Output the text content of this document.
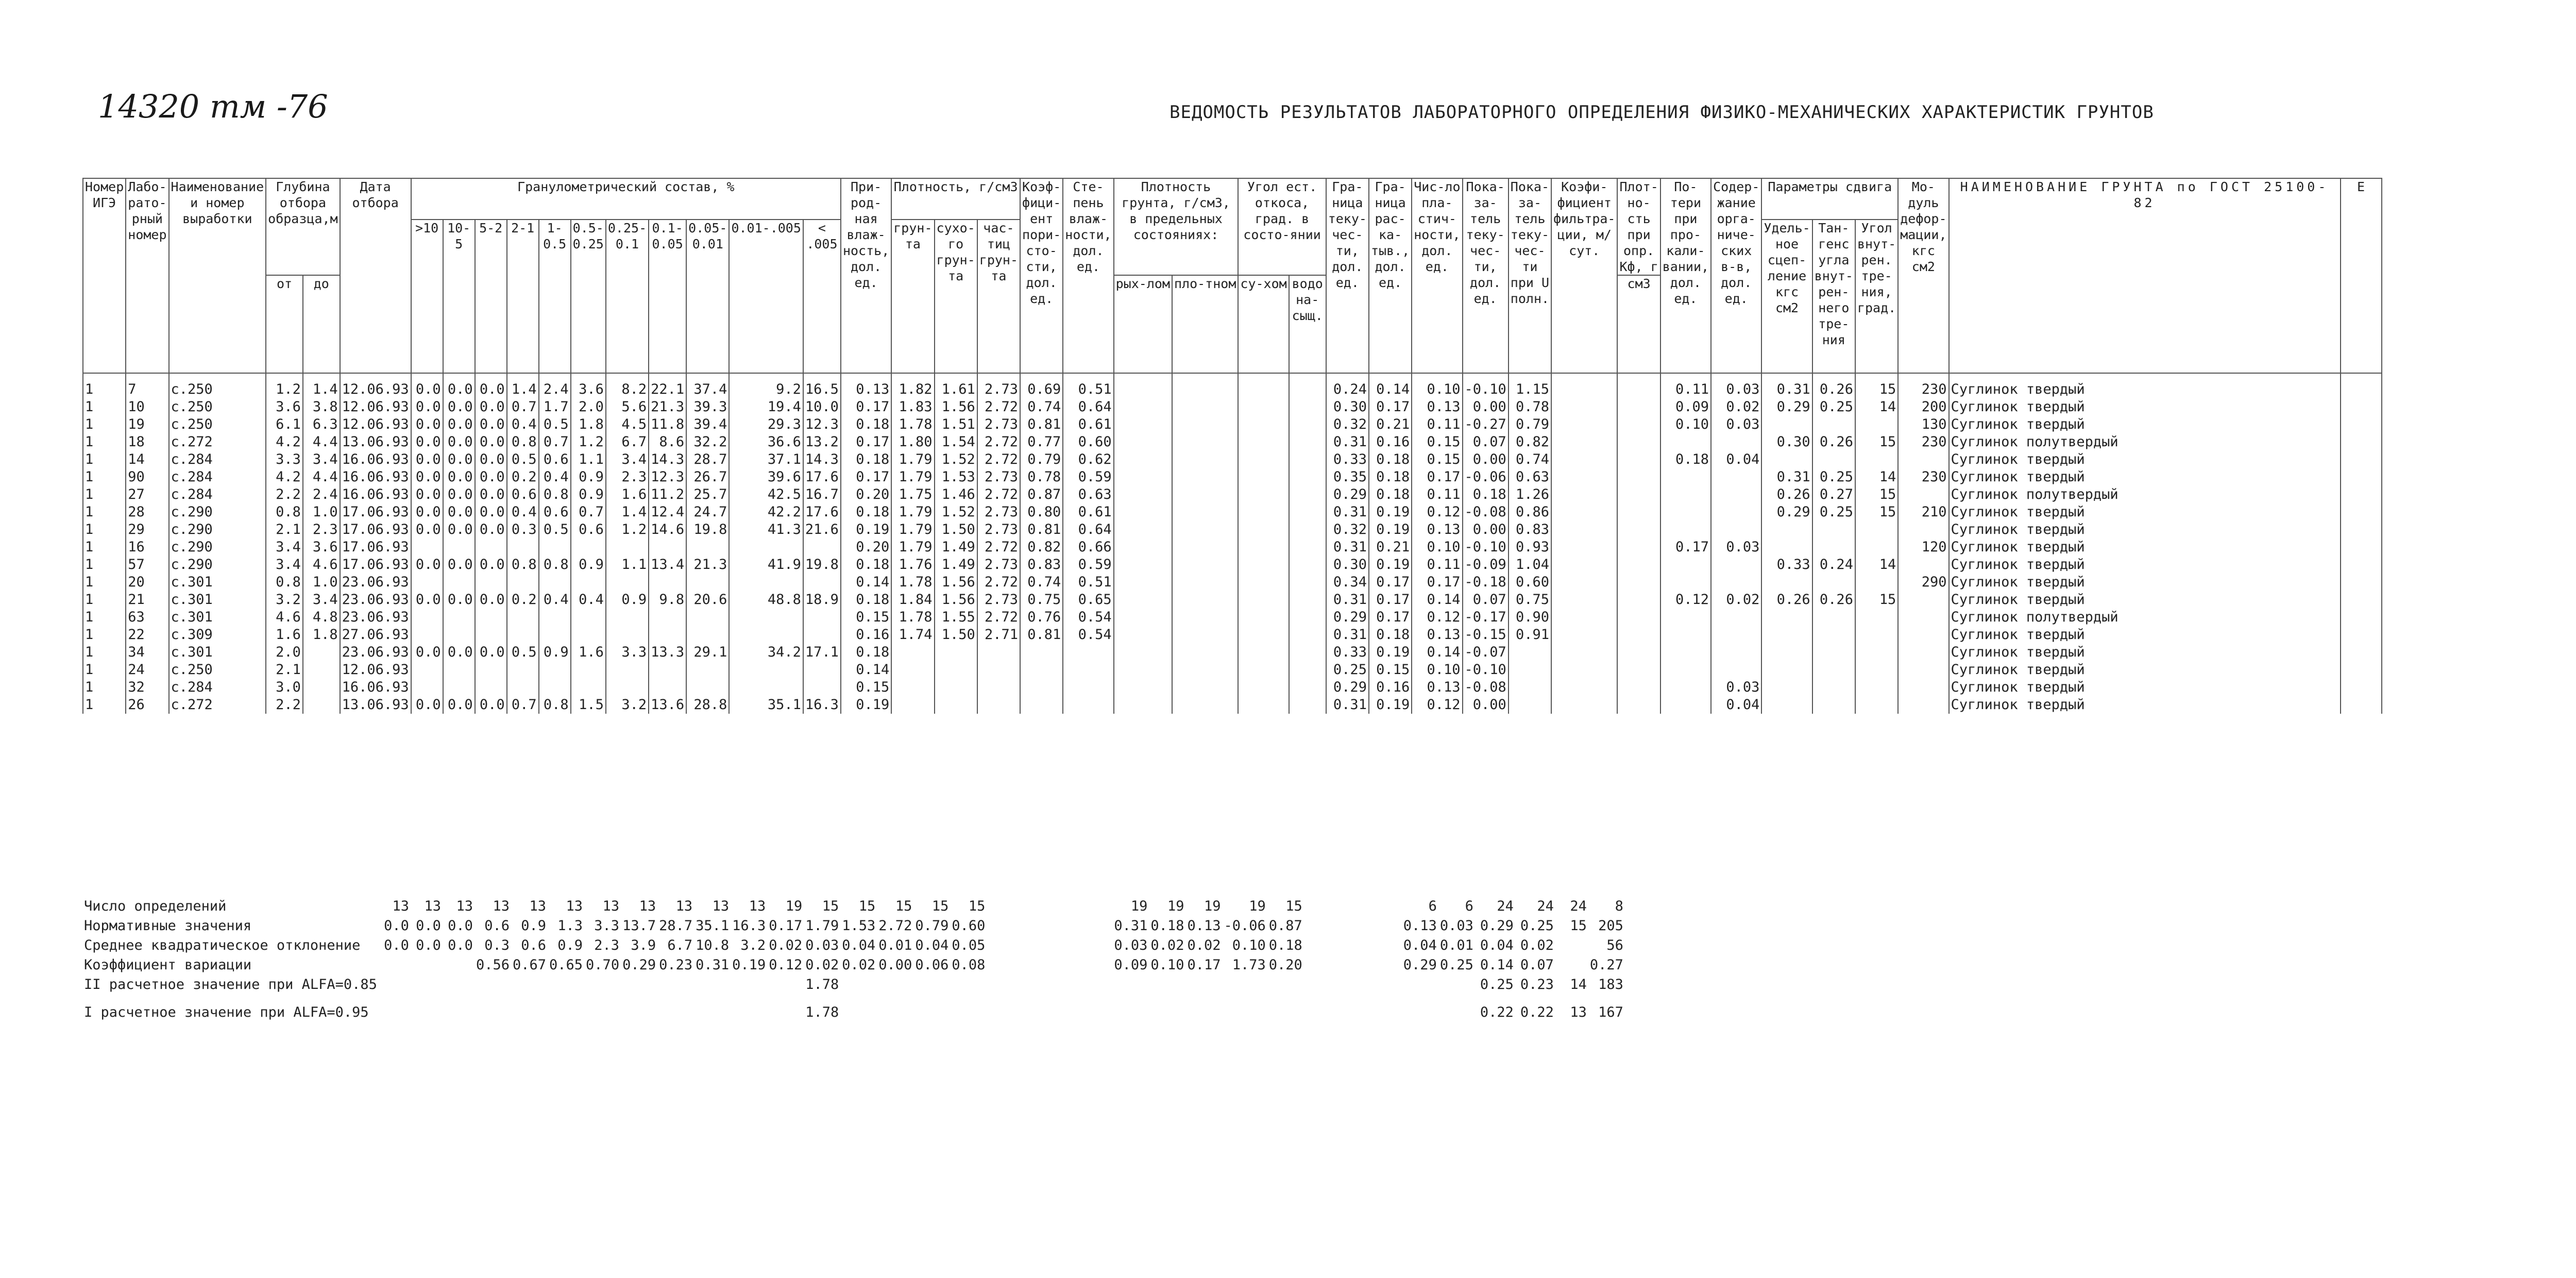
14320 тм -76	ВЕДОМОСТЬ РЕЗУЛЬТАТОВ ЛАБОРАТОРНОГО ОПРЕДЕЛЕНИЯ ФИЗИКО-МЕХАНИЧЕСКИХ ХАРАКТЕРИСТИК ГРУНТОВ
Номер ИГЭ	Лабо-рато-рный номер	Наименование и номер выработки	Глубина отбора образца,м		Дата отбора	Гранулометрический состав, %											При-род-ная влаж-ность, дол. ед.	Плотность, г/см3			Коэф-фици-ент пори-сто-сти, дол. ед.	Сте-пень влаж-ности, дол. ед.	Плотность грунта, г/см3, в предельных состояниях:		Угол ест. откоса, град. в состо-янии		Гра-ница теку-чес-ти, дол. ед.	Гра-ница рас-ка-тыв., дол. ед.	Чис-ло пла-стич-ности, дол. ед.	Пока-за-тель теку-чес-ти, дол. ед.	Пока-за-тель теку-чес-ти при U полн.	Коэфи-фициент фильтра-ции, м/сут.	Плот-но-сть при опр. Кф, г	По-тери при про-кали-вании, дол. ед.	Содер-жание орга-ниче-ских в-в, дол. ед.	Параметры сдвига			Мо-дуль дефор-мации, кгс см2	НАИМЕНОВАНИЕ ГРУНТА по ГОСТ 25100-82	Е
						>10	10-5	5-2	2-1	1-0.5	0.5-0.25	0.25-0.1	0.1-0.05	0.05-0.01	0.01-.005	< .005		грун-та	сухо-го грун-та	час-тиц грун-та																Удель-ное сцеп-ление кгс см2	Тан-генс угла внут-рен-него тре-ния	Угол внут-рен. тре-ния, град.			
			от	до																			рых-лом	пло-тном	су-хом	водо на-сыщ.							см3								
1	7	с.250	1.2	1.4	12.06.93	0.0	0.0	0.0	1.4	2.4	3.6	8.2	22.1	37.4	9.2	16.5	0.13	1.82	1.61	2.73	0.69	0.51					0.24	0.14	0.10	-0.10	1.15			0.11	0.03	0.31	0.26	15	230	Суглинок твердый	
1	10	с.250	3.6	3.8	12.06.93	0.0	0.0	0.0	0.7	1.7	2.0	5.6	21.3	39.3	19.4	10.0	0.17	1.83	1.56	2.72	0.74	0.64					0.30	0.17	0.13	0.00	0.78			0.09	0.02	0.29	0.25	14	200	Суглинок твердый	
1	19	с.250	6.1	6.3	12.06.93	0.0	0.0	0.0	0.4	0.5	1.8	4.5	11.8	39.4	29.3	12.3	0.18	1.78	1.51	2.73	0.81	0.61					0.32	0.21	0.11	-0.27	0.79			0.10	0.03				130	Суглинок твердый	
1	18	с.272	4.2	4.4	13.06.93	0.0	0.0	0.0	0.8	0.7	1.2	6.7	8.6	32.2	36.6	13.2	0.17	1.80	1.54	2.72	0.77	0.60					0.31	0.16	0.15	0.07	0.82					0.30	0.26	15	230	Суглинок полутвердый	
1	14	с.284	3.3	3.4	16.06.93	0.0	0.0	0.0	0.5	0.6	1.1	3.4	14.3	28.7	37.1	14.3	0.18	1.79	1.52	2.72	0.79	0.62					0.33	0.18	0.15	0.00	0.74			0.18	0.04					Суглинок твердый	
1	90	с.284	4.2	4.4	16.06.93	0.0	0.0	0.0	0.2	0.4	0.9	2.3	12.3	26.7	39.6	17.6	0.17	1.79	1.53	2.73	0.78	0.59					0.35	0.18	0.17	-0.06	0.63					0.31	0.25	14	230	Суглинок твердый	
1	27	с.284	2.2	2.4	16.06.93	0.0	0.0	0.0	0.6	0.8	0.9	1.6	11.2	25.7	42.5	16.7	0.20	1.75	1.46	2.72	0.87	0.63					0.29	0.18	0.11	0.18	1.26					0.26	0.27	15		Суглинок полутвердый	
1	28	с.290	0.8	1.0	17.06.93	0.0	0.0	0.0	0.4	0.6	0.7	1.4	12.4	24.7	42.2	17.6	0.18	1.79	1.52	2.73	0.80	0.61					0.31	0.19	0.12	-0.08	0.86					0.29	0.25	15	210	Суглинок твердый	
1	29	с.290	2.1	2.3	17.06.93	0.0	0.0	0.0	0.3	0.5	0.6	1.2	14.6	19.8	41.3	21.6	0.19	1.79	1.50	2.73	0.81	0.64					0.32	0.19	0.13	0.00	0.83									Суглинок твердый	
1	16	с.290	3.4	3.6	17.06.93												0.20	1.79	1.49	2.72	0.82	0.66					0.31	0.21	0.10	-0.10	0.93			0.17	0.03				120	Суглинок твердый	
1	57	с.290	3.4	4.6	17.06.93	0.0	0.0	0.0	0.8	0.8	0.9	1.1	13.4	21.3	41.9	19.8	0.18	1.76	1.49	2.73	0.83	0.59					0.30	0.19	0.11	-0.09	1.04					0.33	0.24	14		Суглинок твердый	
1	20	с.301	0.8	1.0	23.06.93												0.14	1.78	1.56	2.72	0.74	0.51					0.34	0.17	0.17	-0.18	0.60								290	Суглинок твердый	
1	21	с.301	3.2	3.4	23.06.93	0.0	0.0	0.0	0.2	0.4	0.4	0.9	9.8	20.6	48.8	18.9	0.18	1.84	1.56	2.73	0.75	0.65					0.31	0.17	0.14	0.07	0.75			0.12	0.02	0.26	0.26	15		Суглинок твердый	
1	63	с.301	4.6	4.8	23.06.93												0.15	1.78	1.55	2.72	0.76	0.54					0.29	0.17	0.12	-0.17	0.90									Суглинок полутвердый	
1	22	с.309	1.6	1.8	27.06.93												0.16	1.74	1.50	2.71	0.81	0.54					0.31	0.18	0.13	-0.15	0.91									Суглинок твердый	
1	34	с.301	2.0		23.06.93	0.0	0.0	0.0	0.5	0.9	1.6	3.3	13.3	29.1	34.2	17.1	0.18										0.33	0.19	0.14	-0.07										Суглинок твердый	
1	24	с.250	2.1		12.06.93												0.14										0.25	0.15	0.10	-0.10										Суглинок твердый	
1	32	с.284	3.0		16.06.93												0.15										0.29	0.16	0.13	-0.08					0.03					Суглинок твердый	
1	26	с.272	2.2		13.06.93	0.0	0.0	0.0	0.7	0.8	1.5	3.2	13.6	28.8	35.1	16.3	0.19										0.31	0.19	0.12	0.00					0.04					Суглинок твердый	
Число определений	13	13	13	13	13	13	13	13	13	13	13	19	15	15	15	15	15					19	19	19	19	15			6	6	24	24	24	8		
Нормативные значения	0.0	0.0	0.0	0.6	0.9	1.3	3.3	13.7	28.7	35.1	16.3	0.17	1.79	1.53	2.72	0.79	0.60					0.31	0.18	0.13	-0.06	0.87			0.13	0.03	0.29	0.25	15	205		
Среднее квадратическое отклонение	0.0	0.0	0.0	0.3	0.6	0.9	2.3	3.9	6.7	10.8	3.2	0.02	0.03	0.04	0.01	0.04	0.05					0.03	0.02	0.02	0.10	0.18			0.04	0.01	0.04	0.02		56		
Коэффициент вариации				0.56	0.67	0.65	0.70	0.29	0.23	0.31	0.19	0.12	0.02	0.02	0.00	0.06	0.08					0.09	0.10	0.17	1.73	0.20			0.29	0.25	0.14	0.07		0.27		
II расчетное значение при ALFA=0.85													1.78																		0.25	0.23	14	183		
I расчетное значение при ALFA=0.95													1.78																		0.22	0.22	13	167		
